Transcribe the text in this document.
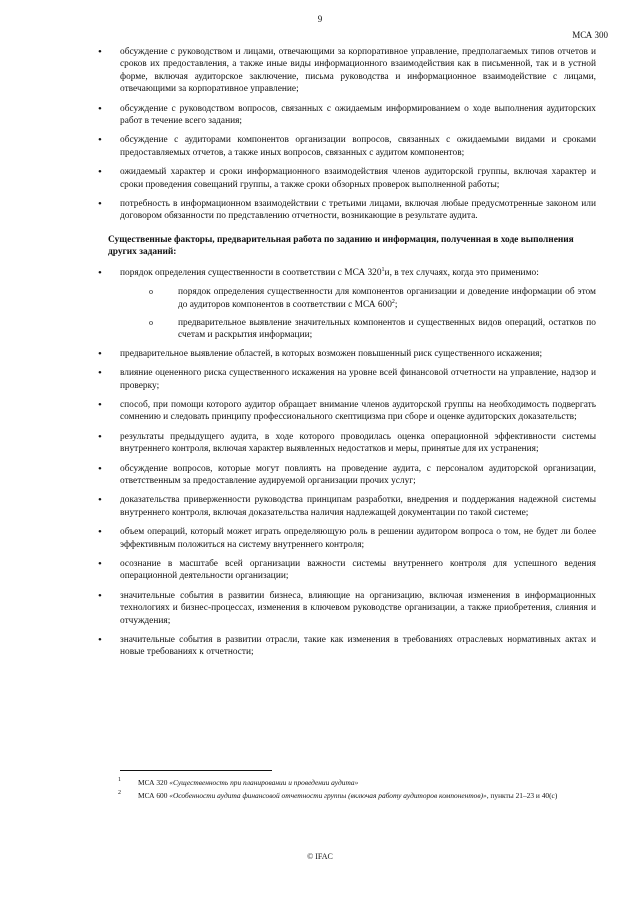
9
МСА 300
• обсуждение с руководством и лицами, отвечающими за корпоративное управление, предполагаемых типов отчетов и сроков их предоставления, а также иные виды информационного взаимодействия как в письменной, так и в устной форме, включая аудиторское заключение, письма руководства и информационное взаимодействие с лицами, отвечающими за корпоративное управление;
• обсуждение с руководством вопросов, связанных с ожидаемым информированием о ходе выполнения аудиторских работ в течение всего задания;
• обсуждение с аудиторами компонентов организации вопросов, связанных с ожидаемыми видами и сроками предоставляемых отчетов, а также иных вопросов, связанных с аудитом компонентов;
• ожидаемый характер и сроки информационного взаимодействия членов аудиторской группы, включая характер и сроки проведения совещаний группы, а также сроки обзорных проверок выполненной работы;
• потребность в информационном взаимодействии с третьими лицами, включая любые предусмотренные законом или договором обязанности по представлению отчетности, возникающие в результате аудита.
Существенные факторы, предварительная работа по заданию и информация, полученная в ходе выполнения других заданий:
• порядок определения существенности в соответствии с МСА $320^1и$, в тех случаях, когда это применимо:
o порядок определения существенности для компонентов организации и доведение информации об этом до аудиторов компонентов в соответствии с МСА $600^2$;
o предварительное выявление значительных компонентов и существенных видов операций, остатков по счетам и раскрытия информации;
• предварительное выявление областей, в которых возможен повышенный риск существенного искажения;
• влияние оцененного риска существенного искажения на уровне всей финансовой отчетности на управление, надзор и проверку;
• способ, при помощи которого аудитор обращает внимание членов аудиторской группы на необходимость подвергать сомнению и следовать принципу профессионального скептицизма при сборе и оценке аудиторских доказательств;
• результаты предыдущего аудита, в ходе которого проводилась оценка операционной эффективности системы внутреннего контроля, включая характер выявленных недостатков и меры, принятые для их устранения;
• обсуждение вопросов, которые могут повлиять на проведение аудита, с персоналом аудиторской организации, ответственным за предоставление аудируемой организации прочих услуг;
• доказательства приверженности руководства принципам разработки, внедрения и поддержания надежной системы внутреннего контроля, включая доказательства наличия надлежащей документации по такой системе;
• объем операций, который может играть определяющую роль в решении аудитором вопроса о том, не будет ли более эффективным положиться на систему внутреннего контроля;
• осознание в масштабе всей организации важности системы внутреннего контроля для успешного ведения операционной деятельности организации;
• значительные события в развитии бизнеса, влияющие на организацию, включая изменения в информационных технологиях и бизнес-процессах, изменения в ключевом руководстве организации, а также приобретения, слияния и отчуждения;
• значительные события в развитии отрасли, такие как изменения в требованиях отраслевых нормативных актах и новые требованиях к отчетности;
1 МСА 320 «Существенность при планировании и проведении аудита»
2 МСА 600 «Особенности аудита финансовой отчетности группы (включая работу аудиторов компонентов)», пункты 21–23 и 40(c)
© IFAC
